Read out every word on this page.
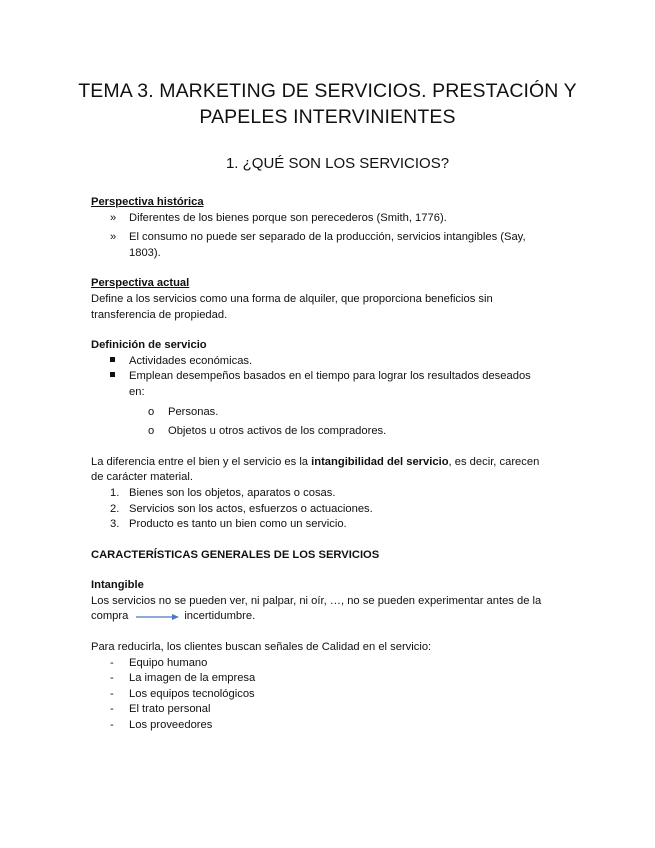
TEMA 3. MARKETING DE SERVICIOS. PRESTACIÓN Y
PAPELES INTERVINIENTES
1. ¿QUÉ SON LOS SERVICIOS?

Perspectiva histórica

» Diferentes de los bienes porque son perecederos (Smith, 1776).
» El consumo no puede ser separado de la producción, servicios intangibles (Say,
1803).

Perspectiva actual

Define a los servicios como una forma de alquiler, que proporciona beneficios sin

transferencia de propiedad.

Definición de servicio

Actividades económicas.
Emplean desempeños basados en el tiempo para lograr los resultados deseados
en:
o Personas.
o Objetos u otros activos de los compradores.

La diferencia entre el bien y el servicio es la intangibilidad del servicio, es decir, carecen

de carácter material.

1. Bienes son los objetos, aparatos o cosas.
2. Servicios son los actos, esfuerzos o actuaciones.
3. Producto es tanto un bien como un servicio.

CARACTERÍSTICAS GENERALES DE LOS SERVICIOS

Intangible

Los servicios no se pueden ver, ni palpar, ni oír, …, no se pueden experimentar antes de la

compra	incertidumbre.

Para reducirla, los clientes buscan señales de Calidad en el servicio:

- Equipo humano
- La imagen de la empresa
- Los equipos tecnológicos
- El trato personal
- Los proveedores
